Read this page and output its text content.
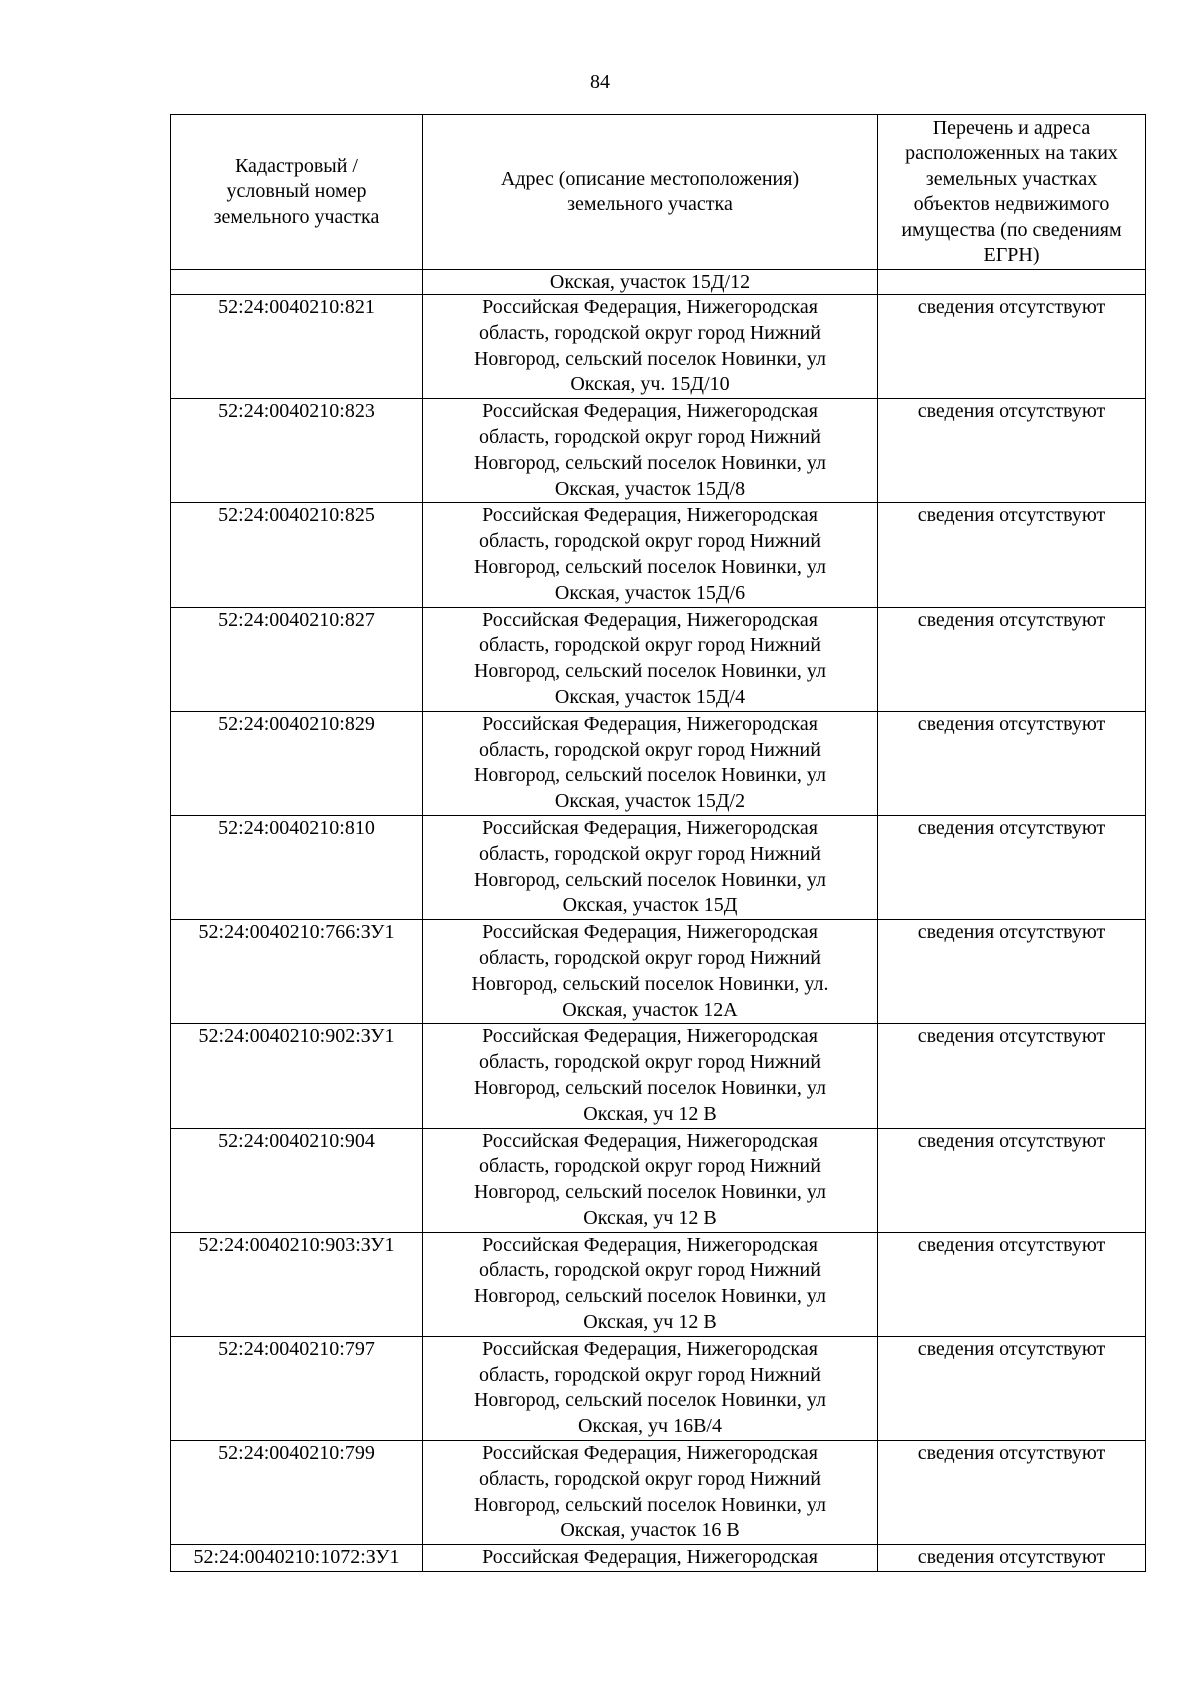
84
Кадастровый / условный номер земельного участка	Адрес (описание местоположения) земельного участка	Перечень и адреса расположенных на таких земельных участках объектов недвижимого имущества (по сведениям ЕГРН)
	Окская, участок 15Д/12	
52:24:0040210:821	Российская Федерация, Нижегородская
область, городской округ город Нижний
Новгород, сельский поселок Новинки, ул
Окская, уч. 15Д/10	сведения отсутствуют
52:24:0040210:823	Российская Федерация, Нижегородская
область, городской округ город Нижний
Новгород, сельский поселок Новинки, ул
Окская, участок 15Д/8	сведения отсутствуют
52:24:0040210:825	Российская Федерация, Нижегородская
область, городской округ город Нижний
Новгород, сельский поселок Новинки, ул
Окская, участок 15Д/6	сведения отсутствуют
52:24:0040210:827	Российская Федерация, Нижегородская
область, городской округ город Нижний
Новгород, сельский поселок Новинки, ул
Окская, участок 15Д/4	сведения отсутствуют
52:24:0040210:829	Российская Федерация, Нижегородская
область, городской округ город Нижний
Новгород, сельский поселок Новинки, ул
Окская, участок 15Д/2	сведения отсутствуют
52:24:0040210:810	Российская Федерация, Нижегородская
область, городской округ город Нижний
Новгород, сельский поселок Новинки, ул
Окская, участок 15Д	сведения отсутствуют
52:24:0040210:766:ЗУ1	Российская Федерация, Нижегородская
область, городской округ город Нижний
Новгород, сельский поселок Новинки, ул.
Окская, участок 12А	сведения отсутствуют
52:24:0040210:902:ЗУ1	Российская Федерация, Нижегородская
область, городской округ город Нижний
Новгород, сельский поселок Новинки, ул
Окская, уч 12 В	сведения отсутствуют
52:24:0040210:904	Российская Федерация, Нижегородская
область, городской округ город Нижний
Новгород, сельский поселок Новинки, ул
Окская, уч 12 В	сведения отсутствуют
52:24:0040210:903:ЗУ1	Российская Федерация, Нижегородская
область, городской округ город Нижний
Новгород, сельский поселок Новинки, ул
Окская, уч 12 В	сведения отсутствуют
52:24:0040210:797	Российская Федерация, Нижегородская
область, городской округ город Нижний
Новгород, сельский поселок Новинки, ул
Окская, уч 16В/4	сведения отсутствуют
52:24:0040210:799	Российская Федерация, Нижегородская
область, городской округ город Нижний
Новгород, сельский поселок Новинки, ул
Окская, участок 16 В	сведения отсутствуют
52:24:0040210:1072:ЗУ1	Российская Федерация, Нижегородская	сведения отсутствуют
